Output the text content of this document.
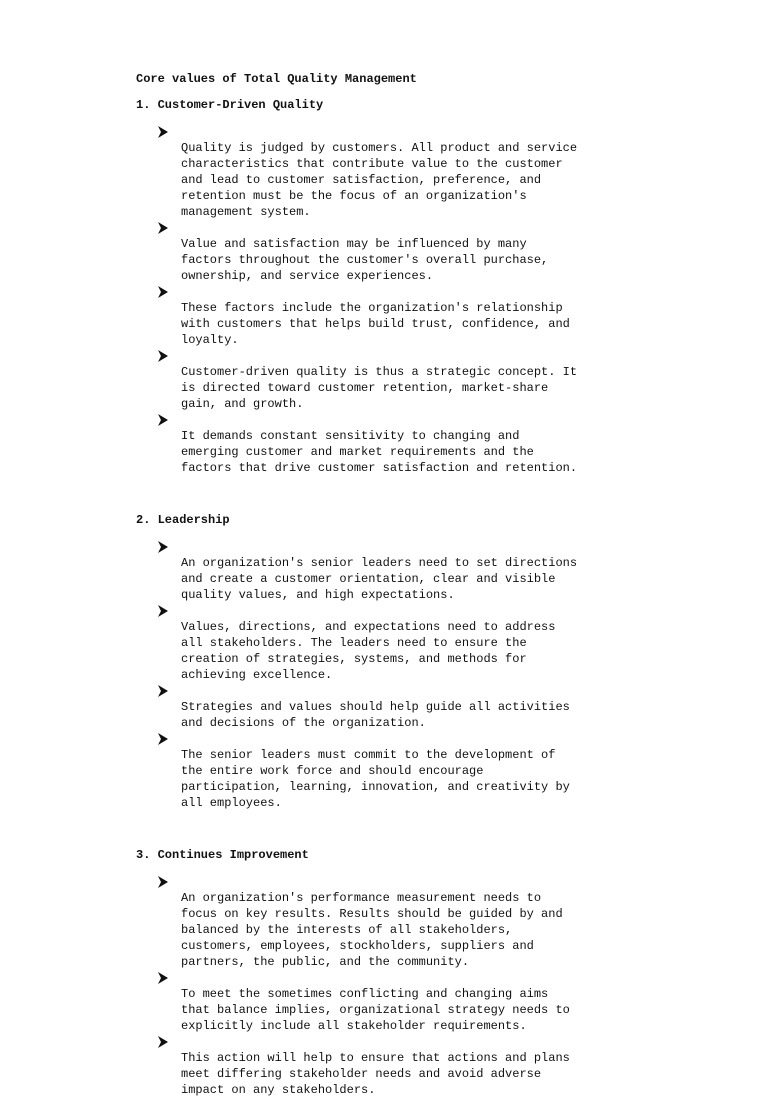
Core values of Total Quality Management

1. Customer-Driven Quality

Quality is judged by customers. All product and service
characteristics that contribute value to the customer
and lead to customer satisfaction, preference, and
retention must be the focus of an organization's
management system.

Value and satisfaction may be influenced by many
factors throughout the customer's overall purchase,
ownership, and service experiences.

These factors include the organization's relationship
with customers that helps build trust, confidence, and
loyalty.

Customer-driven quality is thus a strategic concept. It
is directed toward customer retention, market-share
gain, and growth.

It demands constant sensitivity to changing and
emerging customer and market requirements and the
factors that drive customer satisfaction and retention.

2. Leadership

An organization's senior leaders need to set directions
and create a customer orientation, clear and visible
quality values, and high expectations.

Values, directions, and expectations need to address
all stakeholders. The leaders need to ensure the
creation of strategies, systems, and methods for
achieving excellence.

Strategies and values should help guide all activities
and decisions of the organization.

The senior leaders must commit to the development of
the entire work force and should encourage
participation, learning, innovation, and creativity by
all employees.

3. Continues Improvement

An organization's performance measurement needs to
focus on key results. Results should be guided by and
balanced by the interests of all stakeholders,
customers, employees, stockholders, suppliers and
partners, the public, and the community.

To meet the sometimes conflicting and changing aims
that balance implies, organizational strategy needs to
explicitly include all stakeholder requirements.

This action will help to ensure that actions and plans
meet differing stakeholder needs and avoid adverse
impact on any stakeholders.
